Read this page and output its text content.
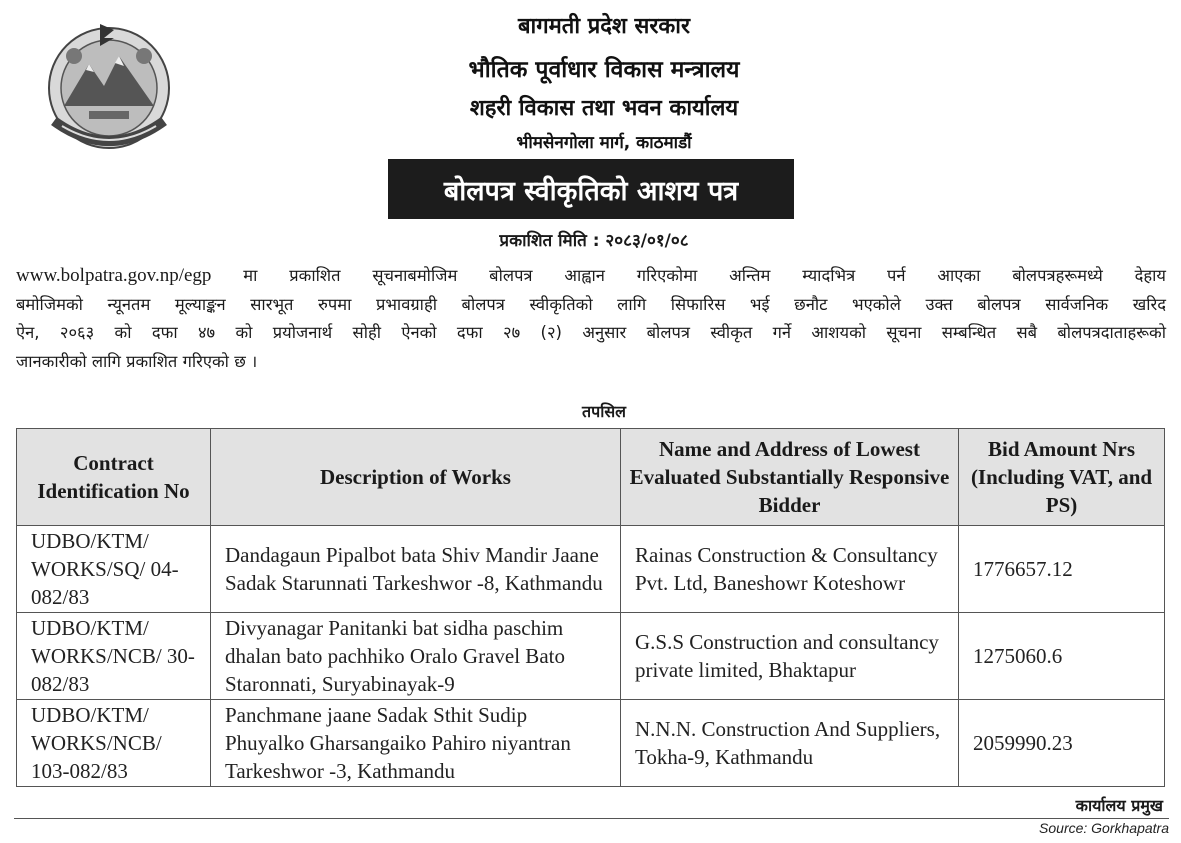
बागमती प्रदेश सरकार
भौतिक पूर्वाधार विकास मन्त्रालय
शहरी विकास तथा भवन कार्यालय
भीमसेनगोला मार्ग, काठमाडौं
बोलपत्र स्वीकृतिको आशय पत्र
प्रकाशित मिति : २०८३/०१/०८
www.bolpatra.gov.np/egp मा प्रकाशित सूचनाबमोजिम बोलपत्र आह्वान गरिएकोमा अन्तिम म्यादभित्र पर्न आएका बोलपत्रहरूमध्ये देहाय
बमोजिमको न्यूनतम मूल्याङ्कन सारभूत रुपमा प्रभावग्राही बोलपत्र स्वीकृतिको लागि सिफारिस भई छनौट भएकोले उक्त बोलपत्र सार्वजनिक खरिद
ऐन, २०६३ को दफा ४७ को प्रयोजनार्थ सोही ऐनको दफा २७ (२) अनुसार बोलपत्र स्वीकृत गर्ने आशयको सूचना सम्बन्धित सबै बोलपत्रदाताहरूको
जानकारीको लागि प्रकाशित गरिएको छ ।
तपसिल
Contract Identification No	Description of Works	Name and Address of Lowest Evaluated Substantially Responsive Bidder	Bid Amount Nrs (Including VAT, and PS)
UDBO/KTM/ WORKS/SQ/ 04-082/83	Dandagaun Pipalbot bata Shiv Mandir Jaane Sadak Starunnati Tarkeshwor -8, Kathmandu	Rainas Construction & Consultancy Pvt. Ltd, Baneshowr Koteshowr	1776657.12
UDBO/KTM/ WORKS/NCB/ 30-082/83	Divyanagar Panitanki bat sidha paschim dhalan bato pachhiko Oralo Gravel Bato Staronnati, Suryabinayak-9	G.S.S Construction and consultancy private limited, Bhaktapur	1275060.6
UDBO/KTM/ WORKS/NCB/ 103-082/83	Panchmane jaane Sadak Sthit Sudip Phuyalko Gharsangaiko Pahiro niyantran Tarkeshwor -3, Kathmandu	N.N.N. Construction And Suppliers, Tokha-9, Kathmandu	2059990.23
कार्यालय प्रमुख
Source: Gorkhapatra
